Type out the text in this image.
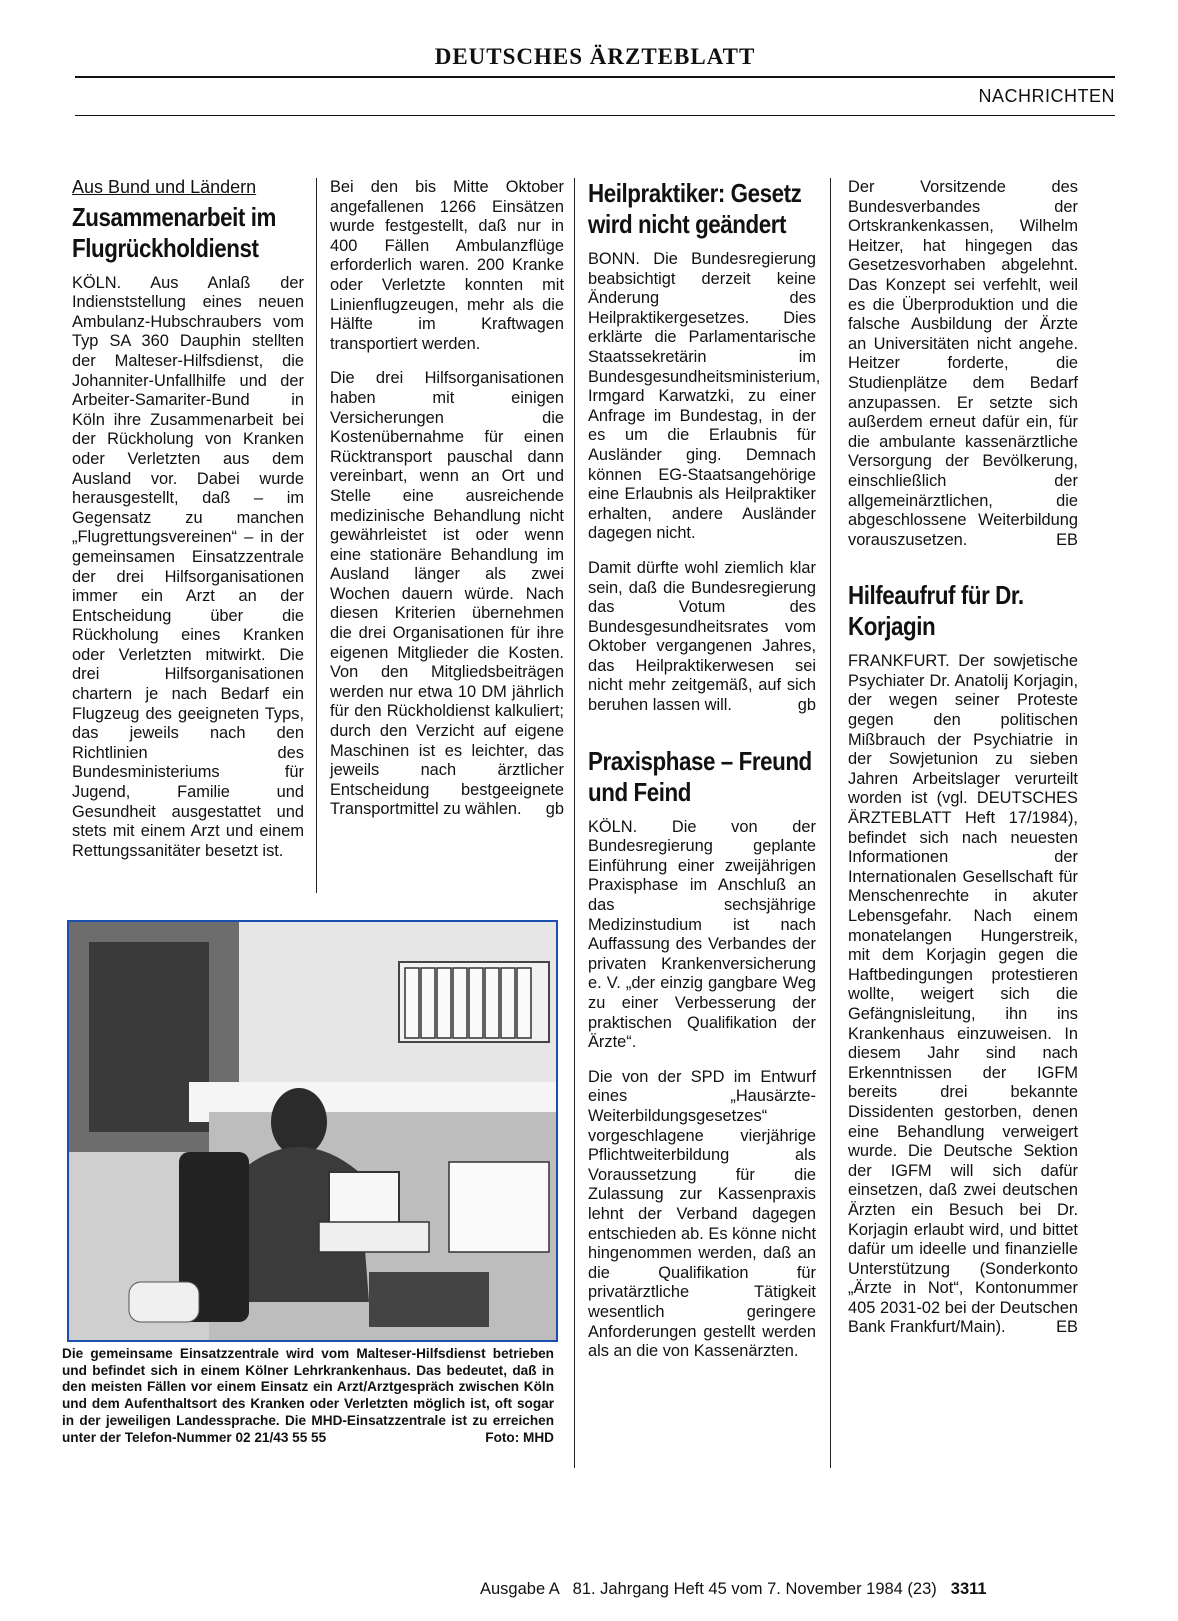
DEUTSCHES ÄRZTEBLATT
NACHRICHTEN
Aus Bund und Ländern
Zusammenarbeit im Flugrückholdienst

KÖLN. Aus Anlaß der Indienststellung eines neuen Ambulanz-Hubschraubers vom Typ SA 360 Dauphin stellten der Malteser-Hilfsdienst, die Johanniter-Unfallhilfe und der Arbeiter-Samariter-Bund in Köln ihre Zusammenarbeit bei der Rückholung von Kranken oder Verletzten aus dem Ausland vor. Dabei wurde herausgestellt, daß – im Gegensatz zu manchen „Flugrettungsvereinen“ – in der gemeinsamen Einsatzzentrale der drei Hilfsorganisationen immer ein Arzt an der Entscheidung über die Rückholung eines Kranken oder Verletzten mitwirkt. Die drei Hilfsorganisationen chartern je nach Bedarf ein Flugzeug des geeigneten Typs, das jeweils nach den Richtlinien des Bundesministeriums für Jugend, Familie und Gesundheit ausgestattet und stets mit einem Arzt und einem Rettungssanitäter besetzt ist.

Bei den bis Mitte Oktober angefallenen 1266 Einsätzen wurde festgestellt, daß nur in 400 Fällen Ambulanzflüge erforderlich waren. 200 Kranke oder Verletzte konnten mit Linienflugzeugen, mehr als die Hälfte im Kraftwagen transportiert werden.

Die drei Hilfsorganisationen haben mit einigen Versicherungen die Kostenübernahme für einen Rücktransport pauschal dann vereinbart, wenn an Ort und Stelle eine ausreichende medizinische Behandlung nicht gewährleistet ist oder wenn eine stationäre Behandlung im Ausland länger als zwei Wochen dauern würde. Nach diesen Kriterien übernehmen die drei Organisationen für ihre eigenen Mitglieder die Kosten. Von den Mitgliedsbeiträgen werden nur etwa 10 DM jährlich für den Rückholdienst kalkuliert; durch den Verzicht auf eigene Maschinen ist es leichter, das jeweils nach ärztlicher Entscheidung bestgeeignete Transportmittel zu wählen. gb

Heilpraktiker: Gesetz wird nicht geändert

BONN. Die Bundesregierung beabsichtigt derzeit keine Änderung des Heilpraktikergesetzes. Dies erklärte die Parlamentarische Staatssekretärin im Bundesgesundheitsministerium, Irmgard Karwatzki, zu einer Anfrage im Bundestag, in der es um die Erlaubnis für Ausländer ging. Demnach können EG-Staatsangehörige eine Erlaubnis als Heilpraktiker erhalten, andere Ausländer dagegen nicht.

Damit dürfte wohl ziemlich klar sein, daß die Bundesregierung das Votum des Bundesgesundheitsrates vom Oktober vergangenen Jahres, das Heilpraktikerwesen sei nicht mehr zeitgemäß, auf sich beruhen lassen will.	gb

Praxisphase – Freund und Feind

KÖLN. Die von der Bundesregierung geplante Einführung einer zweijährigen Praxisphase im Anschluß an das sechsjährige Medizinstudium ist nach Auffassung des Verbandes der privaten Krankenversicherung e. V. „der einzig gangbare Weg zu einer Verbesserung der praktischen Qualifikation der Ärzte“.

Die von der SPD im Entwurf eines „Hausärzte-Weiterbildungsgesetzes“ vorgeschlagene vierjährige Pflichtweiterbildung als Voraussetzung für die Zulassung zur Kassenpraxis lehnt der Verband dagegen entschieden ab. Es könne nicht hingenommen werden, daß an die Qualifikation für privatärztliche Tätigkeit wesentlich geringere Anforderungen gestellt werden als an die von Kassenärzten.

Der Vorsitzende des Bundesverbandes der Ortskrankenkassen, Wilhelm Heitzer, hat hingegen das Gesetzesvorhaben abgelehnt. Das Konzept sei verfehlt, weil es die Überproduktion und die falsche Ausbildung der Ärzte an Universitäten nicht angehe. Heitzer forderte, die Studienplätze dem Bedarf anzupassen. Er setzte sich außerdem erneut dafür ein, für die ambulante kassenärztliche Versorgung der Bevölkerung, einschließlich der allgemeinärztlichen, die abgeschlossene Weiterbildung vorauszusetzen.	EB

Hilfeaufruf für Dr. Korjagin

FRANKFURT. Der sowjetische Psychiater Dr. Anatolij Korjagin, der wegen seiner Proteste gegen den politischen Mißbrauch der Psychiatrie in der Sowjetunion zu sieben Jahren Arbeitslager verurteilt worden ist (vgl. DEUTSCHES ÄRZTEBLATT Heft 17/1984), befindet sich nach neuesten Informationen der Internationalen Gesellschaft für Menschenrechte in akuter Lebensgefahr. Nach einem monatelangen Hungerstreik, mit dem Korjagin gegen die Haftbedingungen protestieren wollte, weigert sich die Gefängnisleitung, ihn ins Krankenhaus einzuweisen. In diesem Jahr sind nach Erkenntnissen der IGFM bereits drei bekannte Dissidenten gestorben, denen eine Behandlung verweigert wurde. Die Deutsche Sektion der IGFM will sich dafür einsetzen, daß zwei deutschen Ärzten ein Besuch bei Dr. Korjagin erlaubt wird, und bittet dafür um ideelle und finanzielle Unterstützung (Sonderkonto „Ärzte in Not“, Kontonummer 405 2031-02 bei der Deutschen Bank Frankfurt/Main).	EB

Die gemeinsame Einsatzzentrale wird vom Malteser-Hilfsdienst betrieben und befindet sich in einem Kölner Lehrkrankenhaus. Das bedeutet, daß in den meisten Fällen vor einem Einsatz ein Arzt/Arztgespräch zwischen Köln und dem Aufenthaltsort des Kranken oder Verletzten möglich ist, oft sogar in der jeweiligen Landessprache. Die MHD-Einsatzzentrale ist zu erreichen unter der Telefon-Nummer 02 21/43 55 55	Foto: MHD
Ausgabe A   81. Jahrgang Heft 45 vom 7. November 1984 (23) 3311
